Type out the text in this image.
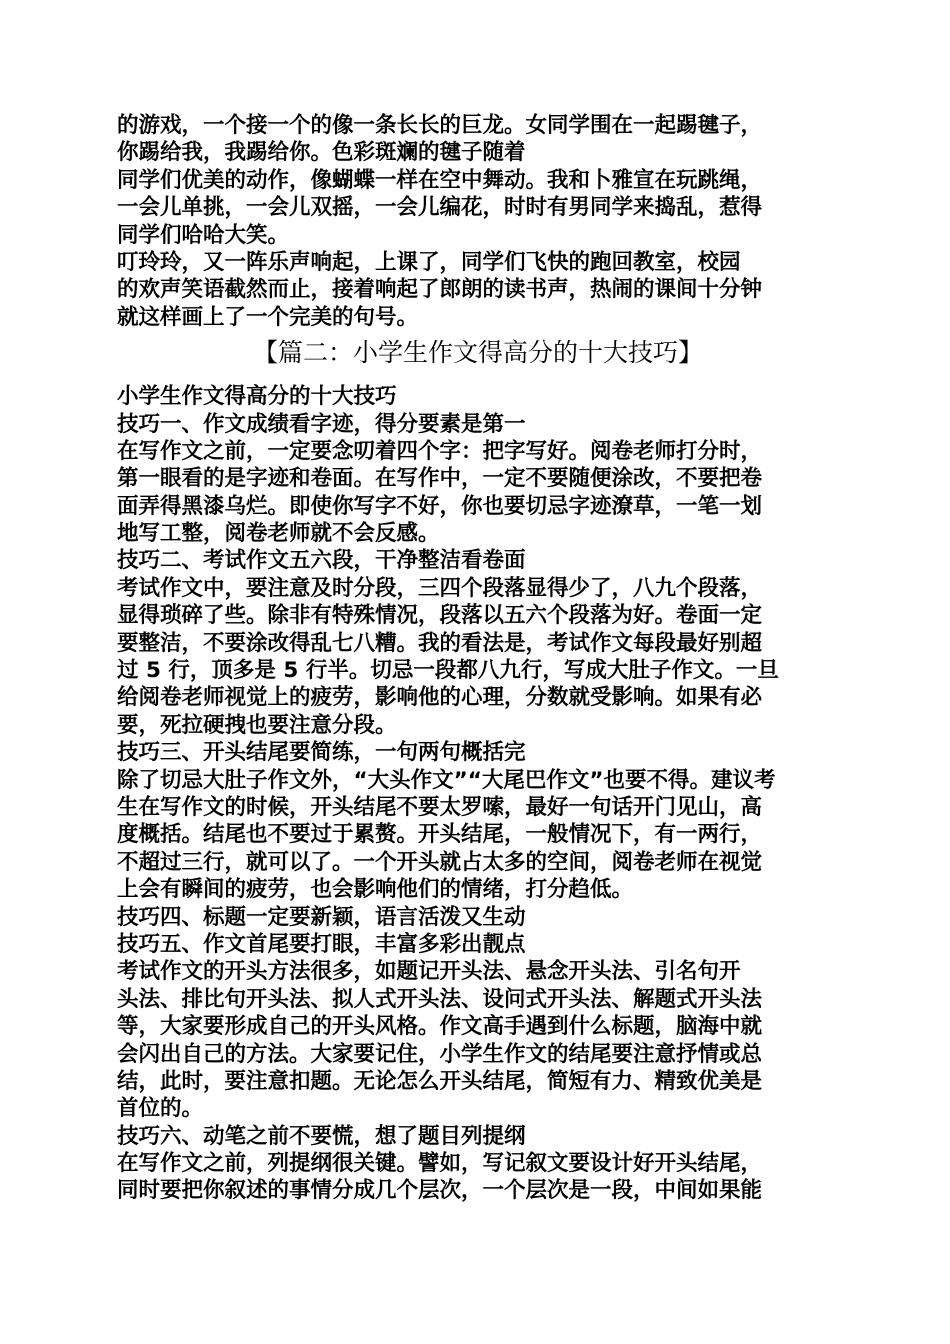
的游戏，一个接一个的像一条长长的巨龙。女同学围在一起踢毽子，
你踢给我，我踢给你。色彩斑斓的毽子随着
同学们优美的动作，像蝴蝶一样在空中舞动。我和卜雅宣在玩跳绳，
一会儿单挑，一会儿双摇，一会儿编花，时时有男同学来捣乱，惹得
同学们哈哈大笑。
叮玲玲，又一阵乐声响起，上课了，同学们飞快的跑回教室，校园
的欢声笑语截然而止，接着响起了郎朗的读书声，热闹的课间十分钟
就这样画上了一个完美的句号。
【篇二：小学生作文得高分的十大技巧】
小学生作文得高分的十大技巧
技巧一、作文成绩看字迹，得分要素是第一
在写作文之前，一定要念叨着四个字：把字写好。阅卷老师打分时，
第一眼看的是字迹和卷面。在写作中，一定不要随便涂改，不要把卷
面弄得黑漆乌烂。即使你写字不好，你也要切忌字迹潦草，一笔一划
地写工整，阅卷老师就不会反感。
技巧二、考试作文五六段，干净整洁看卷面
考试作文中，要注意及时分段，三四个段落显得少了，八九个段落，
显得琐碎了些。除非有特殊情况，段落以五六个段落为好。卷面一定
要整洁，不要涂改得乱七八糟。我的看法是，考试作文每段最好别超
过 5 行，顶多是 5 行半。切忌一段都八九行，写成大肚子作文。一旦
给阅卷老师视觉上的疲劳，影响他的心理，分数就受影响。如果有必
要，死拉硬拽也要注意分段。
技巧三、开头结尾要简练，一句两句概括完
除了切忌大肚子作文外，“大头作文”“大尾巴作文”也要不得。建议考
生在写作文的时候，开头结尾不要太罗嗦，最好一句话开门见山，高
度概括。结尾也不要过于累赘。开头结尾，一般情况下，有一两行，
不超过三行，就可以了。一个开头就占太多的空间，阅卷老师在视觉
上会有瞬间的疲劳，也会影响他们的情绪，打分趋低。
技巧四、标题一定要新颖，语言活泼又生动
技巧五、作文首尾要打眼，丰富多彩出靓点
考试作文的开头方法很多，如题记开头法、悬念开头法、引名句开
头法、排比句开头法、拟人式开头法、设问式开头法、解题式开头法
等，大家要形成自己的开头风格。作文高手遇到什么标题，脑海中就
会闪出自己的方法。大家要记住，小学生作文的结尾要注意抒情或总
结，此时，要注意扣题。无论怎么开头结尾，简短有力、精致优美是
首位的。
技巧六、动笔之前不要慌，想了题目列提纲
在写作文之前，列提纲很关键。譬如，写记叙文要设计好开头结尾，
同时要把你叙述的事情分成几个层次，一个层次是一段，中间如果能
